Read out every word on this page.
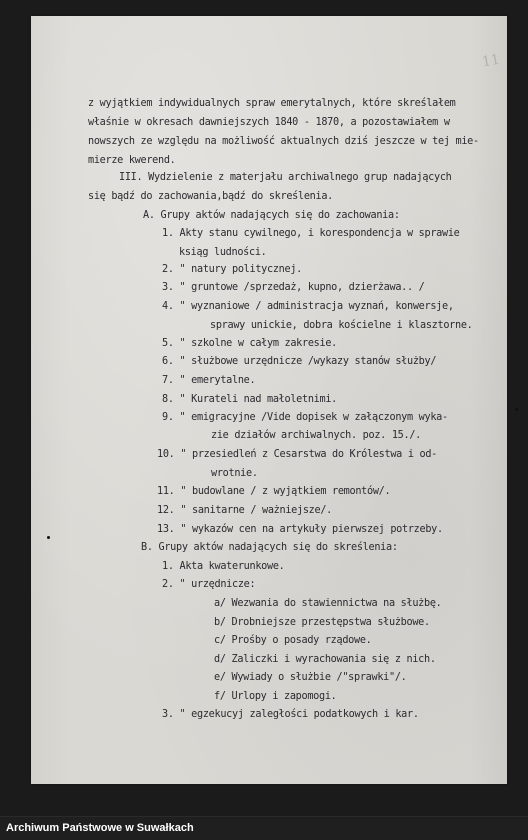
11
z wyjątkiem indywidualnych spraw emerytalnych, które skreślałem
właśnie w okresach dawniejszych 1840 - 1870, a pozostawiałem w
nowszych ze względu na możliwość aktualnych dziś jeszcze w tej mie-
mierze kwerend.
III. Wydzielenie z materjału archiwalnego grup nadających
się bądź do zachowania,bądź do skreślenia.
A. Grupy aktów nadających się do zachowania:
1. Akty stanu cywilnego, i korespondencja w sprawie
ksiąg ludności.
2. " natury politycznej.
3. " gruntowe /sprzedaż, kupno, dzierżawa.. /
4. " wyznaniowe / administracja wyznań, konwersje,
sprawy unickie, dobra kościelne i klasztorne.
5. " szkolne w całym zakresie.
6. " służbowe urzędnicze /wykazy stanów służby/
7. " emerytalne.
8. " Kurateli nad małoletnimi.
9. " emigracyjne /Vide dopisek w załączonym wyka-
zie działów archiwalnych. poz. 15./.
10. " przesiedleń z Cesarstwa do Królestwa i od-
wrotnie.
11. " budowlane / z wyjątkiem remontów/.
12. " sanitarne / ważniejsze/.
13. " wykazów cen na artykuły pierwszej potrzeby.
B. Grupy aktów nadających się do skreślenia:
1. Akta kwaterunkowe.
2. " urzędnicze:
a/ Wezwania do stawiennictwa na służbę.
b/ Drobniejsze przestępstwa służbowe.
c/ Prośby o posady rządowe.
d/ Zaliczki i wyrachowania się z nich.
e/ Wywiady o służbie /"sprawki"/.
f/ Urlopy i zapomogi.
3. " egzekucyj zaległości podatkowych i kar.
Archiwum Państwowe w Suwałkach
